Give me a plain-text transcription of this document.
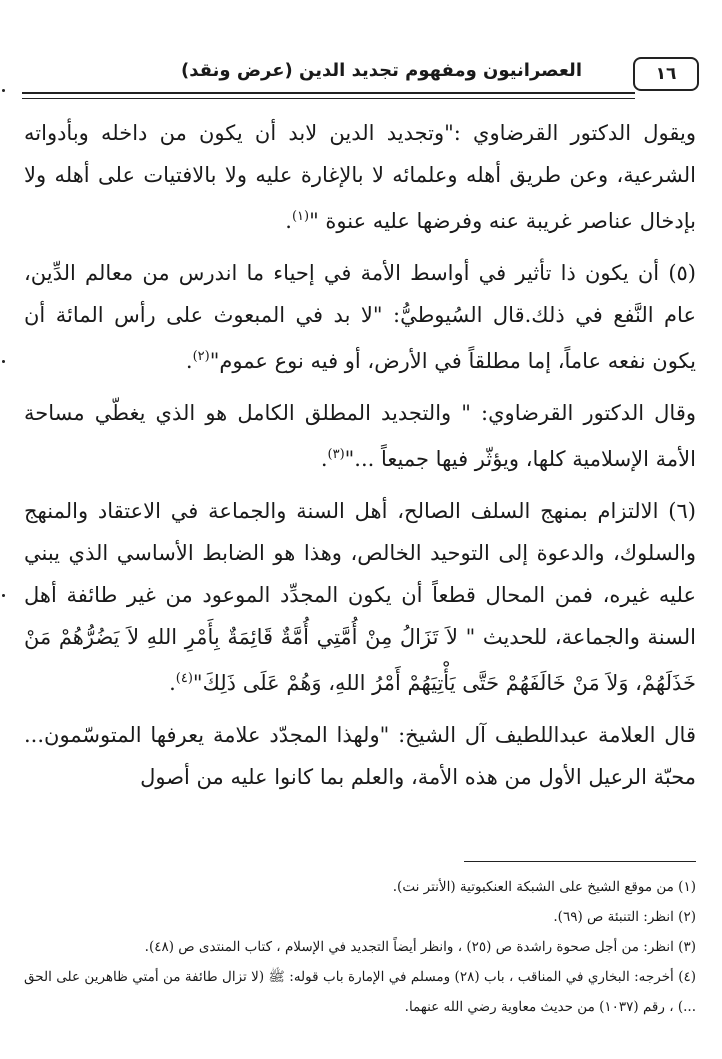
١٦
العصرانيون ومفهوم تجديد الدين (عرض ونقد)

ويقول الدكتور القرضاوي :"وتجديد الدين لابد أن يكون من داخله وبأدواته الشرعية، وعن طريق أهله وعلمائه لا بالإغارة عليه ولا بالافتيات على أهله ولا بإدخال عناصر غريبة عنه وفرضها عليه عنوة "$^{(١)}$.

(٥) أن يكون ذا تأثير في أواسط الأمة في إحياء ما اندرس من معالم الدِّين، عام النَّفع في ذلك.قال السُيوطيُّ: "لا بد في المبعوث على رأس المائة أن يكون نفعه عاماً، إما مطلقاً في الأرض، أو فيه نوع عموم"$^{(٢)}$.

وقال الدكتور القرضاوي: " والتجديد المطلق الكامل هو الذي يغطّي مساحة الأمة الإسلامية كلها، ويؤثّر فيها جميعاً ..."$^{(٣)}$.

(٦) الالتزام بمنهج السلف الصالح، أهل السنة والجماعة في الاعتقاد والمنهج والسلوك، والدعوة إلى التوحيد الخالص، وهذا هو الضابط الأساسي الذي يبني عليه غيره، فمن المحال قطعاً أن يكون المجدِّد الموعود من غير طائفة أهل السنة والجماعة، للحديث " لاَ تَزَالُ مِنْ أُمَّتِي أُمَّةٌ قَائِمَةٌ بِأَمْرِ اللهِ لاَ يَضُرُّهُمْ مَنْ خَذَلَهُمْ، وَلاَ مَنْ خَالَفَهُمْ حَتَّى يَأْتِيَهُمْ أَمْرُ اللهِ، وَهُمْ عَلَى ذَلِكَ"$^{(٤)}$.

قال العلامة عبداللطيف آل الشيخ: "ولهذا المجدّد علامة يعرفها المتوسّمون... محبّة الرعيل الأول من هذه الأمة، والعلم بما كانوا عليه من أصول

(١) من موقع الشيخ على الشبكة العنكبوتية (الأنتر نت).

(٢) انظر: التنبئة ص (٦٩).

(٣) انظر: من أجل صحوة راشدة ص (٢٥) ، وانظر أيضاً التجديد في الإسلام ، كتاب المنتدى ص (٤٨).

(٤) أخرجه: البخاري في المناقب ، باب (٢٨) ومسلم في الإمارة باب قوله: ﷺ (لا تزال طائفة من أمتي ظاهرين على الحق ...) ، رقم (١٠٣٧) من حديث معاوية رضي الله عنهما.
